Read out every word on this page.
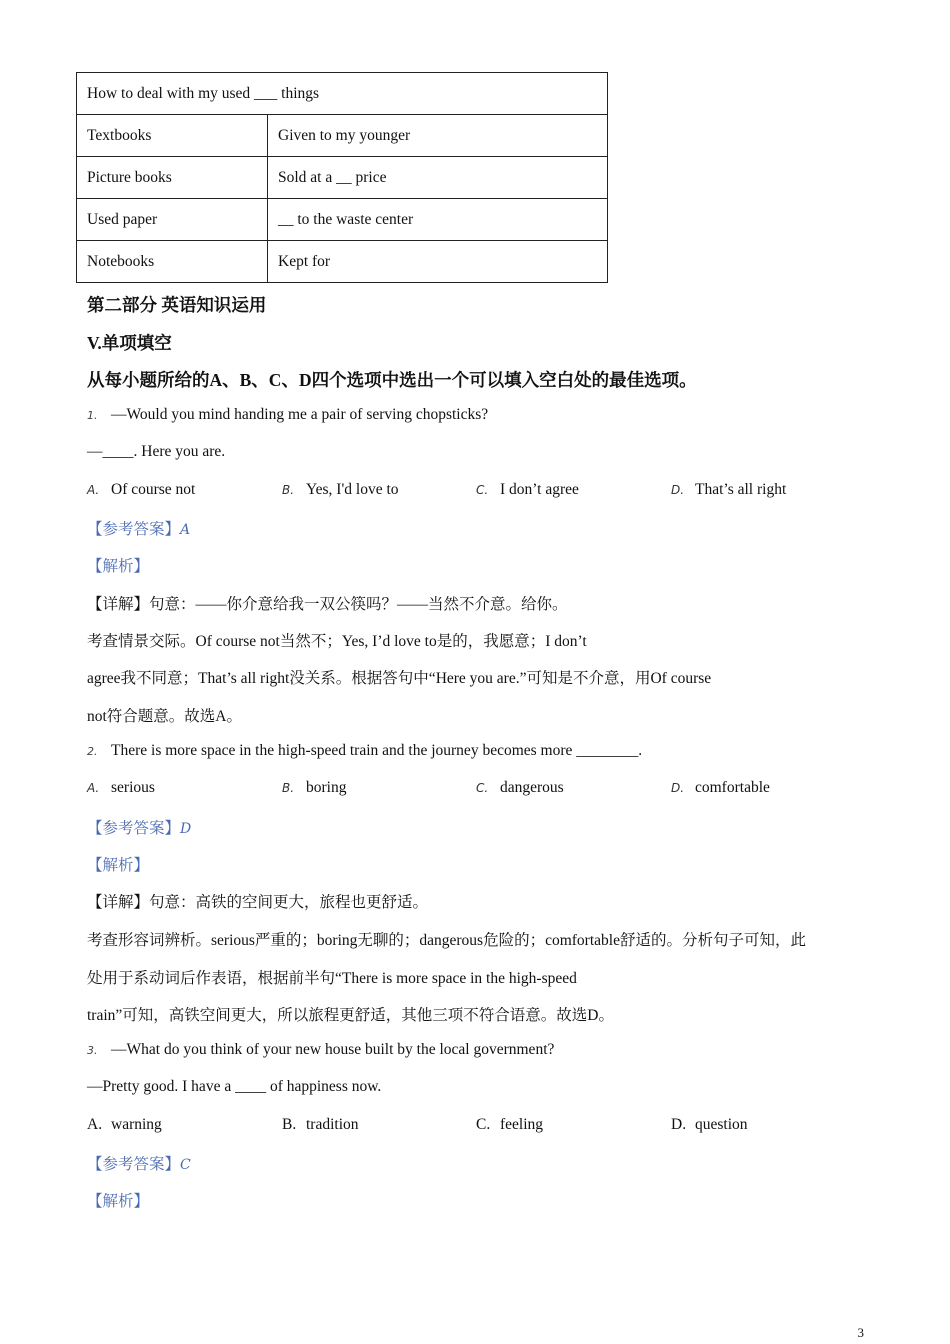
How to deal with my used ___ things	
Textbooks	Given to my younger
Picture books	Sold at a __ price
Used paper	__ to the waste center
Notebooks	Kept for
第二部分 英语知识运用
V.单项填空
从每小题所给的A、B、C、D四个选项中选出一个可以填入空白处的最佳选项。
1. —Would you mind handing me a pair of serving chopsticks?
—____. Here you are.
A. Of course not	B. Yes, I'd love to	C. I don’t agree	D. That’s all right
【参考答案】A
【解析】
【详解】句意：——你介意给我一双公筷吗？——当然不介意。给你。
考查情景交际。Of course not当然不；Yes, I’d love to是的，我愿意；I don’t
agree我不同意；That’s all right没关系。根据答句中“Here you are.”可知是不介意，用Of course
not符合题意。故选A。
2. There is more space in the high-speed train and the journey becomes more ________.
A. serious	B. boring	C. dangerous	D. comfortable
【参考答案】D
【解析】
【详解】句意：高铁的空间更大，旅程也更舒适。
考查形容词辨析。serious严重的；boring无聊的；dangerous危险的；comfortable舒适的。分析句子可知，此
处用于系动词后作表语，根据前半句“There is more space in the high-speed
train”可知，高铁空间更大，所以旅程更舒适，其他三项不符合语意。故选D。
3. —What do you think of your new house built by the local government?
—Pretty good. I have a ____ of happiness now.
A. warning	B. tradition	C. feeling	D. question
【参考答案】C
【解析】
3
